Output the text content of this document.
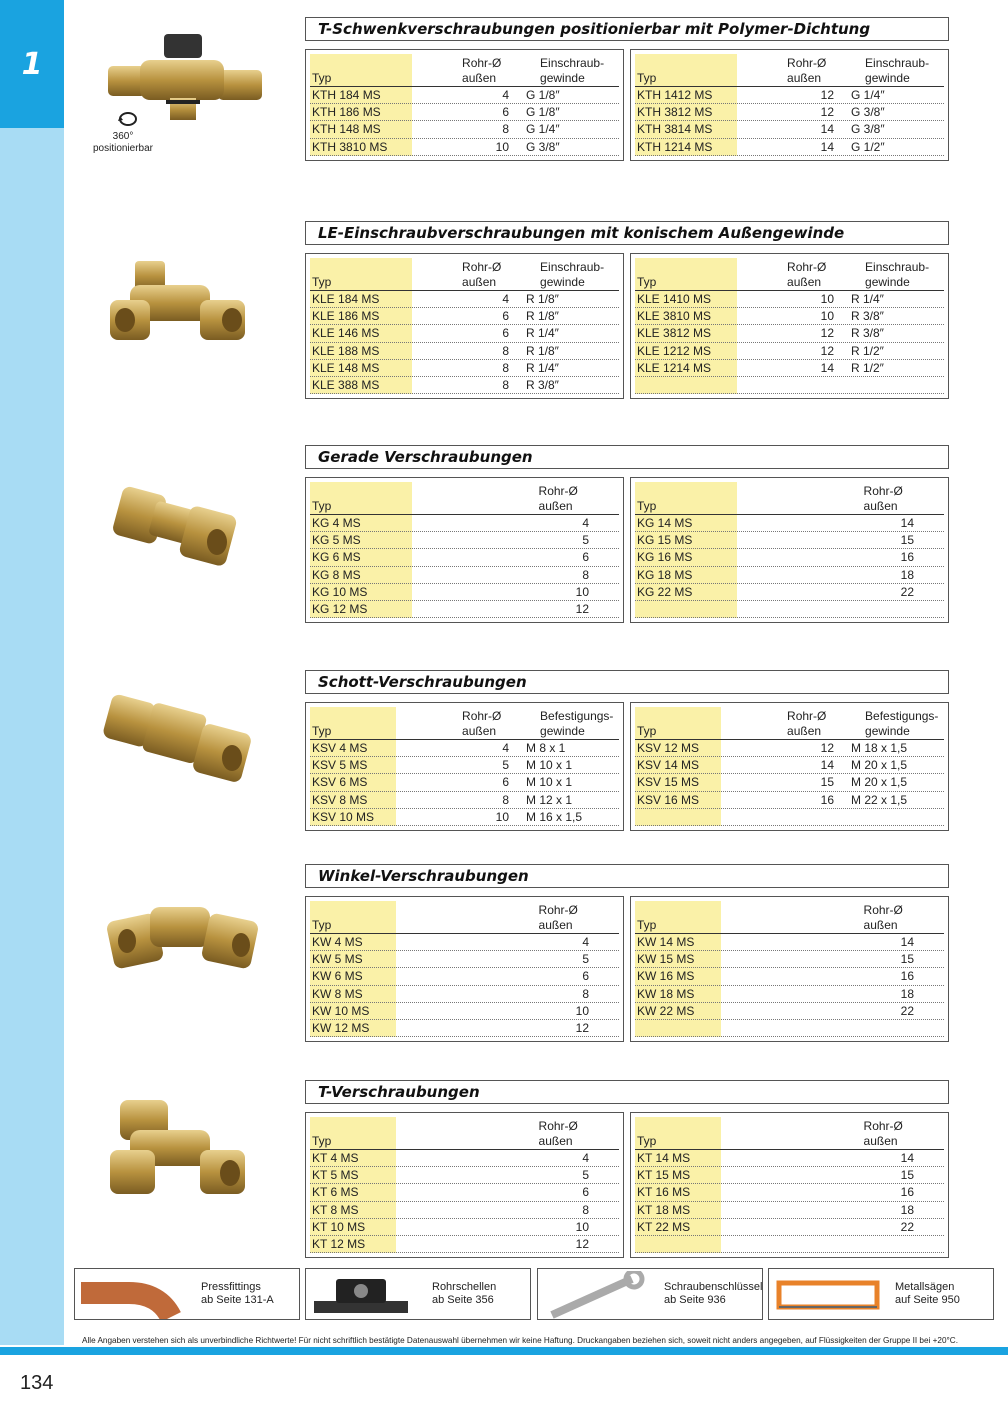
1
360°
positionierbar
T-Schwenkverschraubungen positionierbar mit Polymer-Dichtung
Typ
Rohr-Ø
außen
Einschraub-
gewinde
KTH 184 MS	4	G 1/8″
KTH 186 MS	6	G 1/8″
KTH 148 MS	8	G 1/4″
KTH 3810 MS	10	G 3/8″
Typ
Rohr-Ø
außen
Einschraub-
gewinde
KTH 1412 MS	12	G 1/4″
KTH 3812 MS	12	G 3/8″
KTH 3814 MS	14	G 3/8″
KTH 1214 MS	14	G 1/2″
LE-Einschraubverschraubungen mit konischem Außengewinde
Typ
Rohr-Ø
außen
Einschraub-
gewinde
KLE 184 MS	4	R 1/8″
KLE 186 MS	6	R 1/8″
KLE 146 MS	6	R 1/4″
KLE 188 MS	8	R 1/8″
KLE 148 MS	8	R 1/4″
KLE 388 MS	8	R 3/8″
Typ
Rohr-Ø
außen
Einschraub-
gewinde
KLE 1410 MS	10	R 1/4″
KLE 3810 MS	10	R 3/8″
KLE 3812 MS	12	R 3/8″
KLE 1212 MS	12	R 1/2″
KLE 1214 MS	14	R 1/2″
Gerade Verschraubungen
Typ
Rohr-Ø
außen
KG 4 MS	4
KG 5 MS	5
KG 6 MS	6
KG 8 MS	8
KG 10 MS	10
KG 12 MS	12
Typ
Rohr-Ø
außen
KG 14 MS	14
KG 15 MS	15
KG 16 MS	16
KG 18 MS	18
KG 22 MS	22
Schott-Verschraubungen
Typ
Rohr-Ø
außen
Befestigungs-
gewinde
KSV 4 MS	4	M 8 x 1
KSV 5 MS	5	M 10 x 1
KSV 6 MS	6	M 10 x 1
KSV 8 MS	8	M 12 x 1
KSV 10 MS	10	M 16 x 1,5
Typ
Rohr-Ø
außen
Befestigungs-
gewinde
KSV 12 MS	12	M 18 x 1,5
KSV 14 MS	14	M 20 x 1,5
KSV 15 MS	15	M 20 x 1,5
KSV 16 MS	16	M 22 x 1,5
Winkel-Verschraubungen
Typ
Rohr-Ø
außen
KW 4 MS	4
KW 5 MS	5
KW 6 MS	6
KW 8 MS	8
KW 10 MS	10
KW 12 MS	12
Typ
Rohr-Ø
außen
KW 14 MS	14
KW 15 MS	15
KW 16 MS	16
KW 18 MS	18
KW 22 MS	22
T-Verschraubungen
Typ
Rohr-Ø
außen
KT 4 MS	4
KT 5 MS	5
KT 6 MS	6
KT 8 MS	8
KT 10 MS	10
KT 12 MS	12
Typ
Rohr-Ø
außen
KT 14 MS	14
KT 15 MS	15
KT 16 MS	16
KT 18 MS	18
KT 22 MS	22
Pressfittings
ab Seite 131-A
Rohrschellen
ab Seite 356
Schraubenschlüssel
ab Seite 936
Metallsägen
auf Seite 950
Alle Angaben verstehen sich als unverbindliche Richtwerte! Für nicht schriftlich bestätigte Datenauswahl übernehmen wir keine Haftung. Druckangaben beziehen sich, soweit nicht anders angegeben, auf Flüssigkeiten der Gruppe II bei +20°C.
134
